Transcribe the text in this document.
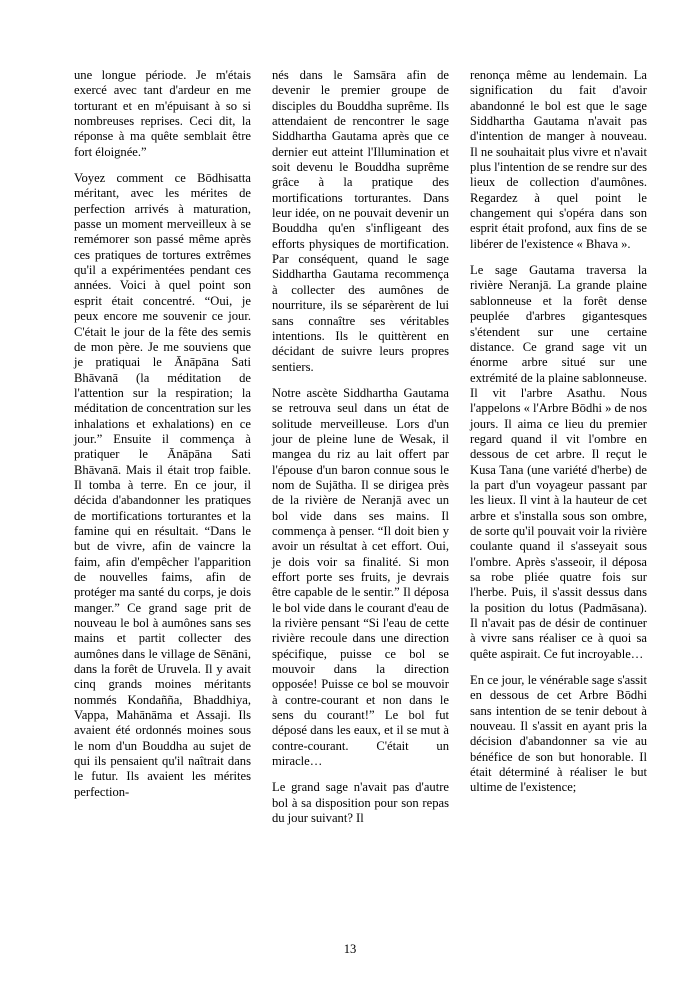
une longue période. Je m'étais exercé avec tant d'ardeur en me torturant et en m'épuisant à so si nombreuses reprises. Ceci dit, la réponse à ma quête semblait être fort éloignée.”

Voyez comment ce Bōdhisatta méritant, avec les mérites de perfection arrivés à maturation, passe un moment merveilleux à se remémorer son passé même après ces pratiques de tortures extrêmes qu'il a expérimentées pendant ces années. Voici à quel point son esprit était concentré. “Oui, je peux encore me souvenir ce jour. C'était le jour de la fête des semis de mon père. Je me souviens que je pratiquai le Ānāpāna Sati Bhāvanā (la méditation de l'attention sur la respiration; la méditation de concentration sur les inhalations et exhalations) en ce jour.” Ensuite il commença à pratiquer le Ānāpāna Sati Bhāvanā. Mais il était trop faible. Il tomba à terre. En ce jour, il décida d'abandonner les pratiques de mortifications torturantes et la famine qui en résultait. “Dans le but de vivre, afin de vaincre la faim, afin d'empêcher l'apparition de nouvelles faims, afin de protéger ma santé du corps, je dois manger.” Ce grand sage prit de nouveau le bol à aumônes sans ses mains et partit collecter des aumônes dans le village de Sēnāni, dans la forêt de Uruvela. Il y avait cinq grands moines méritants nommés Kondañña, Bhaddhiya, Vappa, Mahānāma et Assaji. Ils avaient été ordonnés moines sous le nom d'un Bouddha au sujet de qui ils pensaient qu'il naîtrait dans le futur. Ils avaient les mérites perfection-

nés dans le Samsāra afin de devenir le premier groupe de disciples du Bouddha suprême. Ils attendaient de rencontrer le sage Siddhartha Gautama après que ce dernier eut atteint l'Illumination et soit devenu le Bouddha suprême grâce à la pratique des mortifications torturantes. Dans leur idée, on ne pouvait devenir un Bouddha qu'en s'infligeant des efforts physiques de mortification. Par conséquent, quand le sage Siddhartha Gautama recommença à collecter des aumônes de nourriture, ils se séparèrent de lui sans connaître ses véritables intentions. Ils le quittèrent en décidant de suivre leurs propres sentiers.

Notre ascète Siddhartha Gautama se retrouva seul dans un état de solitude merveilleuse. Lors d'un jour de pleine lune de Wesak, il mangea du riz au lait offert par l'épouse d'un baron connue sous le nom de Sujātha. Il se dirigea près de la rivière de Neranjā avec un bol vide dans ses mains. Il commença à penser. “Il doit bien y avoir un résultat à cet effort. Oui, je dois voir sa finalité. Si mon effort porte ses fruits, je devrais être capable de le sentir.” Il déposa le bol vide dans le courant d'eau de la rivière pensant “Si l'eau de cette rivière recoule dans une direction spécifique, puisse ce bol se mouvoir dans la direction opposée! Puisse ce bol se mouvoir à contre-courant et non dans le sens du courant!” Le bol fut déposé dans les eaux, et il se mut à contre-courant. C'était un miracle…

Le grand sage n'avait pas d'autre bol à sa disposition pour son repas du jour suivant? Il

renonça même au lendemain. La signification du fait d'avoir abandonné le bol est que le sage Siddhartha Gautama n'avait pas d'intention de manger à nouveau. Il ne souhaitait plus vivre et n'avait plus l'intention de se rendre sur des lieux de collection d'aumônes. Regardez à quel point le changement qui s'opéra dans son esprit était profond, aux fins de se libérer de l'existence « Bhava ».

Le sage Gautama traversa la rivière Neranjā. La grande plaine sablonneuse et la forêt dense peuplée d'arbres gigantesques s'étendent sur une certaine distance. Ce grand sage vit un énorme arbre situé sur une extrémité de la plaine sablonneuse. Il vit l'arbre Asathu. Nous l'appelons « l'Arbre Bōdhi » de nos jours. Il aima ce lieu du premier regard quand il vit l'ombre en dessous de cet arbre. Il reçut le Kusa Tana (une variété d'herbe) de la part d'un voyageur passant par les lieux. Il vint à la hauteur de cet arbre et s'installa sous son ombre, de sorte qu'il pouvait voir la rivière coulante quand il s'asseyait sous l'ombre. Après s'asseoir, il déposa sa robe pliée quatre fois sur l'herbe. Puis, il s'assit dessus dans la position du lotus (Padmāsana). Il n'avait pas de désir de continuer à vivre sans réaliser ce à quoi sa quête aspirait. Ce fut incroyable…

En ce jour, le vénérable sage s'assit en dessous de cet Arbre Bōdhi sans intention de se tenir debout à nouveau. Il s'assit en ayant pris la décision d'abandonner sa vie au bénéfice de son but honorable. Il était déterminé à réaliser le but ultime de l'existence;

13
